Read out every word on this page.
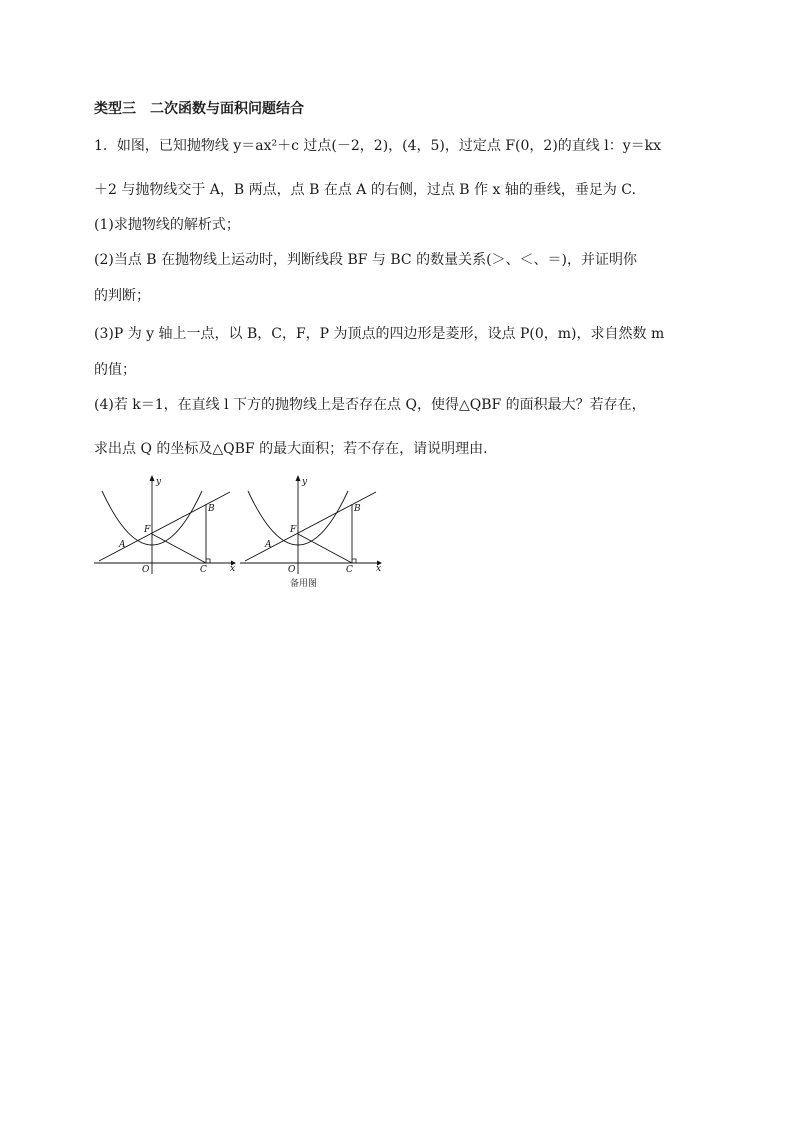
类型三 二次函数与面积问题结合
1．如图，已知抛物线 y＝ax²＋c 过点(－2，2)，(4，5)，过定点 F(0，2)的直线 l：y＝kx
＋2 与抛物线交于 A，B 两点，点 B 在点 A 的右侧，过点 B 作 x 轴的垂线，垂足为 C.
(1)求抛物线的解析式；
(2)当点 B 在抛物线上运动时，判断线段 BF 与 BC 的数量关系(＞、＜、＝)，并证明你
的判断；
(3)P 为 y 轴上一点，以 B，C，F，P 为顶点的四边形是菱形，设点 P(0，m)，求自然数 m
的值；
(4)若 k＝1，在直线 l 下方的抛物线上是否存在点 Q，使得△QBF 的面积最大？若存在，
求出点 Q 的坐标及△QBF 的最大面积；若不存在，请说明理由.
y
x
O
A
B
C
F
y
x
O
A
B
C
F
备用图
